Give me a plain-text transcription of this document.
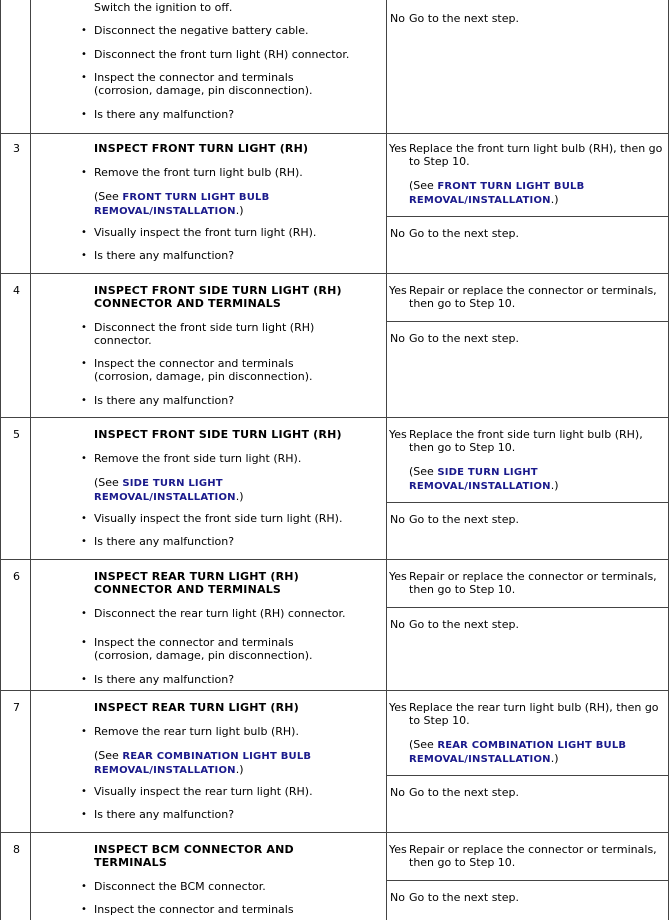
Switch the ignition to off.
• Disconnect the negative battery cable.
• Disconnect the front turn light (RH) connector.
• Inspect the connector and terminals (corrosion, damage, pin disconnection).
• Is there any malfunction?
No Go to the next step.
3	INSPECT FRONT TURN LIGHT (RH)
• Remove the front turn light bulb (RH).
(See FRONT TURN LIGHT BULB REMOVAL/INSTALLATION.)
• Visually inspect the front turn light (RH).
• Is there any malfunction?
Yes Replace the front turn light bulb (RH), then go to Step 10.
(See FRONT TURN LIGHT BULB REMOVAL/INSTALLATION.)
No Go to the next step.
4	INSPECT FRONT SIDE TURN LIGHT (RH) CONNECTOR AND TERMINALS
• Disconnect the front side turn light (RH) connector.
• Inspect the connector and terminals (corrosion, damage, pin disconnection).
• Is there any malfunction?
Yes Repair or replace the connector or terminals, then go to Step 10.
No Go to the next step.
5	INSPECT FRONT SIDE TURN LIGHT (RH)
• Remove the front side turn light (RH).
(See SIDE TURN LIGHT REMOVAL/INSTALLATION.)
• Visually inspect the front side turn light (RH).
• Is there any malfunction?
Yes Replace the front side turn light bulb (RH), then go to Step 10.
(See SIDE TURN LIGHT REMOVAL/INSTALLATION.)
No Go to the next step.
6	INSPECT REAR TURN LIGHT (RH) CONNECTOR AND TERMINALS
• Disconnect the rear turn light (RH) connector.
• Inspect the connector and terminals (corrosion, damage, pin disconnection).
• Is there any malfunction?
Yes Repair or replace the connector or terminals, then go to Step 10.
No Go to the next step.
7	INSPECT REAR TURN LIGHT (RH)
• Remove the rear turn light bulb (RH).
(See REAR COMBINATION LIGHT BULB REMOVAL/INSTALLATION.)
• Visually inspect the rear turn light (RH).
• Is there any malfunction?
Yes Replace the rear turn light bulb (RH), then go to Step 10.
(See REAR COMBINATION LIGHT BULB REMOVAL/INSTALLATION.)
No Go to the next step.
8	INSPECT BCM CONNECTOR AND TERMINALS
• Disconnect the BCM connector.
• Inspect the connector and terminals
Yes Repair or replace the connector or terminals, then go to Step 10.
No Go to the next step.
